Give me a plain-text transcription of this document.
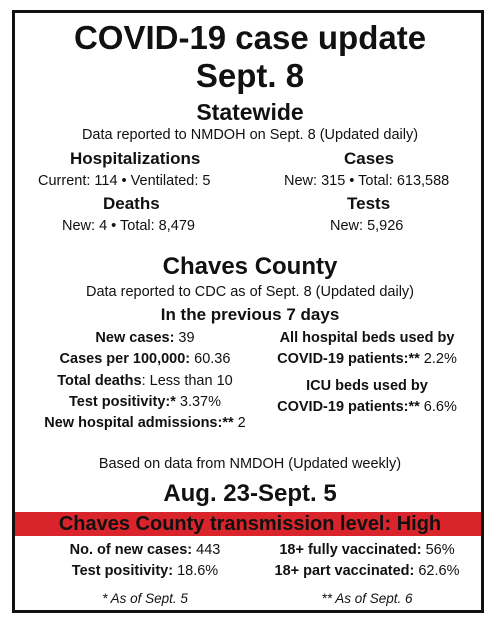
COVID-19 case update
Sept. 8
Statewide
Data reported to NMDOH on Sept. 8 (Updated daily)
Hospitalizations
Current: 114 • Ventilated: 5
Cases
New: 315 • Total: 613,588
Deaths
New: 4 • Total: 8,479
Tests
New: 5,926
Chaves County
Data reported to CDC as of Sept. 8 (Updated daily)
In the previous 7 days
New cases: 39
Cases per 100,000: 60.36
Total deaths: Less than 10
Test positivity:* 3.37%
New hospital admissions:** 2
All hospital beds used by
COVID-19 patients:** 2.2%
ICU beds used by
COVID-19 patients:** 6.6%
Based on data from NMDOH (Updated weekly)
Aug. 23-Sept. 5
Chaves County transmission level: High
No. of new cases: 443
Test positivity: 18.6%
18+ fully vaccinated: 56%
18+ part vaccinated: 62.6%
* As of Sept. 5	** As of Sept. 6
